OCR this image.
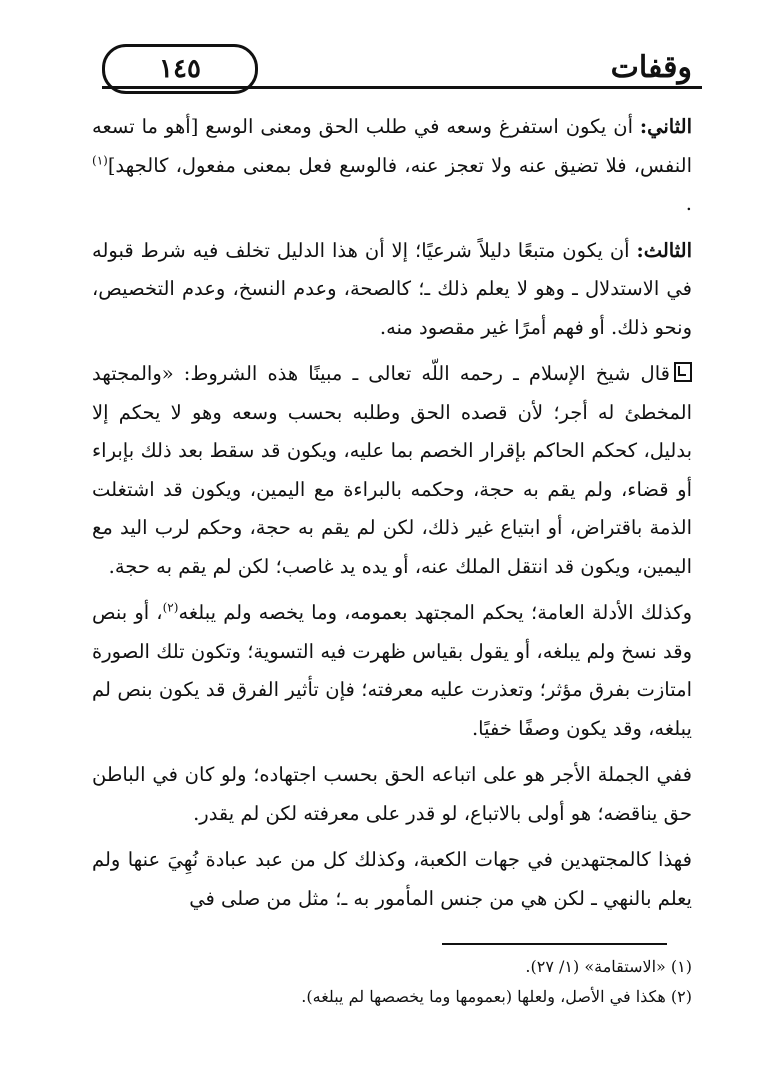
وقفات
١٤٥

الثاني: أن يكون استفرغ وسعه في طلب الحق ومعنى الوسع [أهو ما تسعه النفس، فلا تضيق عنه ولا تعجز عنه، فالوسع فعل بمعنى مفعول، كالجهد]$^{(١)}$ .

الثالث: أن يكون متبعًا دليلاً شرعيًا؛ إلا أن هذا الدليل تخلف فيه شرط قبوله في الاستدلال ـ وهو لا يعلم ذلك ـ؛ كالصحة، وعدم النسخ، وعدم التخصيص، ونحو ذلك. أو فهم أمرًا غير مقصود منه.

قال شيخ الإسلام ـ رحمه اللّه تعالى ـ مبينًا هذه الشروط: «والمجتهد المخطئ له أجر؛ لأن قصده الحق وطلبه بحسب وسعه وهو لا يحكم إلا بدليل، كحكم الحاكم بإقرار الخصم بما عليه، ويكون قد سقط بعد ذلك بإبراء أو قضاء، ولم يقم به حجة، وحكمه بالبراءة مع اليمين، ويكون قد اشتغلت الذمة باقتراض، أو ابتياع غير ذلك، لكن لم يقم به حجة، وحكم لرب اليد مع اليمين، ويكون قد انتقل الملك عنه، أو يده يد غاصب؛ لكن لم يقم به حجة.

وكذلك الأدلة العامة؛ يحكم المجتهد بعمومه، وما يخصه ولم يبلغه$^{(٢)}$، أو بنص وقد نسخ ولم يبلغه، أو يقول بقياس ظهرت فيه التسوية؛ وتكون تلك الصورة امتازت بفرق مؤثر؛ وتعذرت عليه معرفته؛ فإن تأثير الفرق قد يكون بنص لم يبلغه، وقد يكون وصفًا خفيًا.

ففي الجملة الأجر هو على اتباعه الحق بحسب اجتهاده؛ ولو كان في الباطن حق يناقضه؛ هو أولى بالاتباع، لو قدر على معرفته لكن لم يقدر.

فهذا كالمجتهدين في جهات الكعبة، وكذلك كل من عبد عبادة نُهِيَ عنها ولم يعلم بالنهي ـ لكن هي من جنس المأمور به ـ؛ مثل من صلى في

(١) «الاستقامة» (١/ ٢٧).

(٢) هكذا في الأصل، ولعلها (بعمومها وما يخصصها لم يبلغه).
